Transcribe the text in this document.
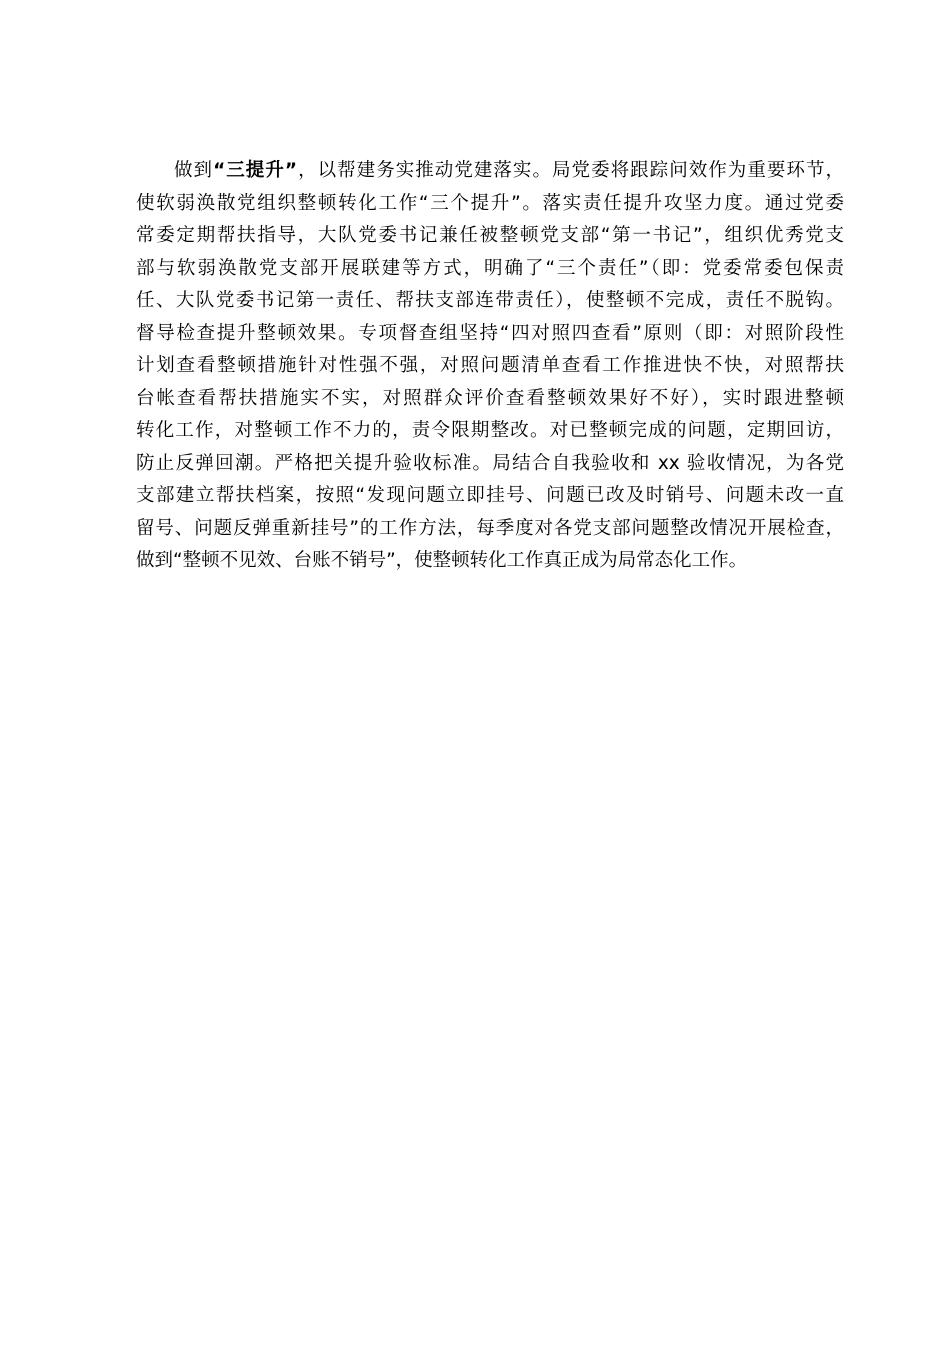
做到“三提升”，以帮建务实推动党建落实。局党委将跟踪问效作为重要环节，
使软弱涣散党组织整顿转化工作“三个提升”。落实责任提升攻坚力度。通过党委
常委定期帮扶指导，大队党委书记兼任被整顿党支部“第一书记”，组织优秀党支
部与软弱涣散党支部开展联建等方式，明确了“三个责任”（即：党委常委包保责
任、大队党委书记第一责任、帮扶支部连带责任），使整顿不完成，责任不脱钩。
督导检查提升整顿效果。专项督查组坚持“四对照四查看”原则（即：对照阶段性
计划查看整顿措施针对性强不强，对照问题清单查看工作推进快不快，对照帮扶
台帐查看帮扶措施实不实，对照群众评价查看整顿效果好不好），实时跟进整顿
转化工作，对整顿工作不力的，责令限期整改。对已整顿完成的问题，定期回访，
防止反弹回潮。严格把关提升验收标准。局结合自我验收和 xx 验收情况，为各党
支部建立帮扶档案，按照“发现问题立即挂号、问题已改及时销号、问题未改一直
留号、问题反弹重新挂号”的工作方法，每季度对各党支部问题整改情况开展检查，
做到“整顿不见效、台账不销号”，使整顿转化工作真正成为局常态化工作。
